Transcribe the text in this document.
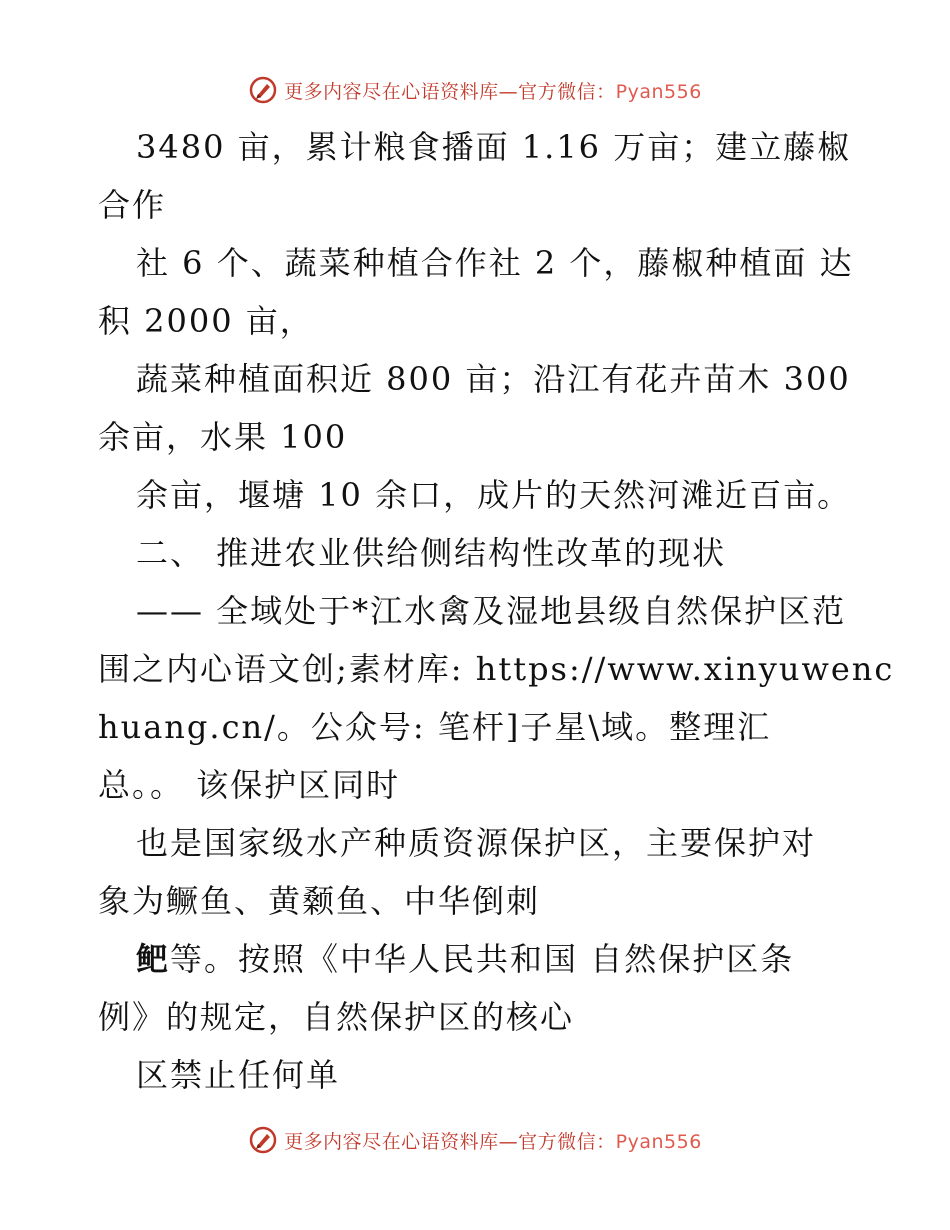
更多内容尽在心语资料库—官方微信：Pyan556
3480 亩，累计粮食播面 1.16 万亩；建立藤椒
合作
社 6 个、蔬菜种植合作社 2 个，藤椒种植面 达
积 2000 亩，
蔬菜种植面积近 800 亩；沿江有花卉苗木 300
余亩，水果 100
余亩，堰塘 10 余口，成片的天然河滩近百亩。
二、 推进农业供给侧结构性改革的现状
—— 全域处于*江水禽及湿地县级自然保护区范
围之内心语文创;素材库: https://www.xinyuwenc
huang.cn/。公众号: 笔杆]子星\域。整理汇
总。。 该保护区同时
也是国家级水产种质资源保护区，主要保护对
象为鳜鱼、黄颡鱼、中华倒刺
鲃等。按照《中华人民共和国 自然保护区条
例》的规定，自然保护区的核心
区禁止任何单
更多内容尽在心语资料库—官方微信：Pyan556
